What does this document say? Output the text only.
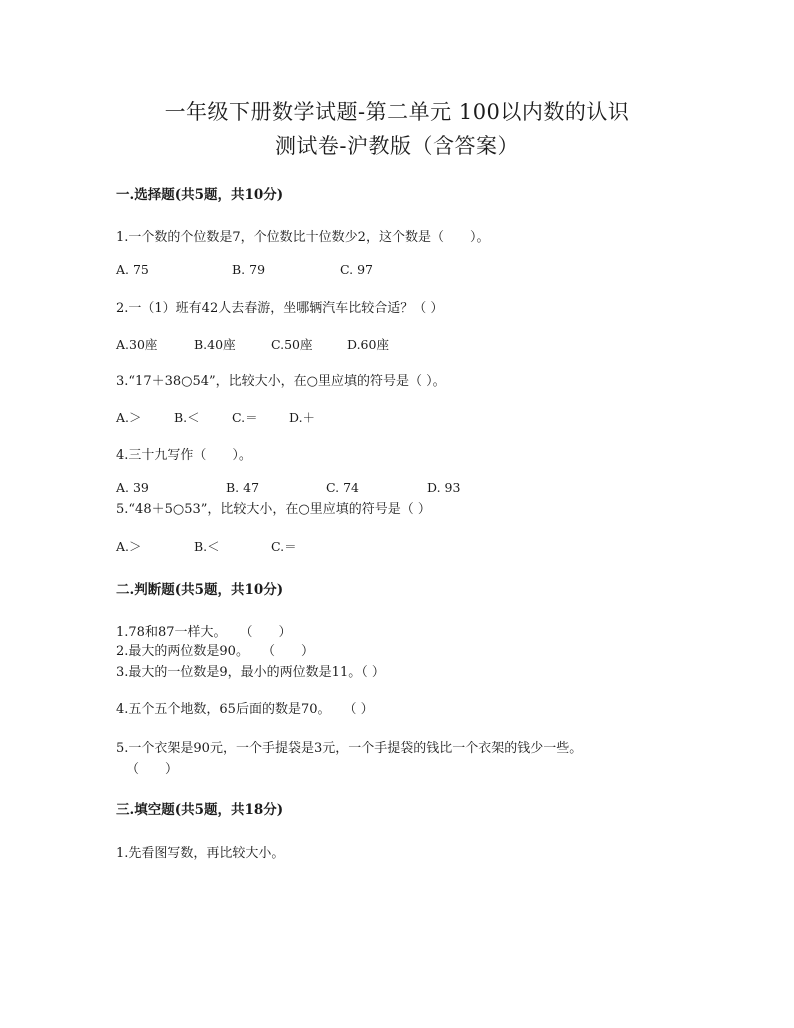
一年级下册数学试题-第二单元 100以内数的认识
测试卷-沪教版（含答案）
一.选择题(共5题，共10分)
1.一个数的个位数是7，个位数比十位数少2，这个数是（　　）。
A. 75	B. 79	C. 97
2.一（1）班有42人去春游，坐哪辆汽车比较合适？（ ）
A.30座	B.40座	C.50座	D.60座
3.“17＋38○54”，比较大小，在○里应填的符号是（ ）。
A.＞	B.＜	C.＝	D.＋
4.三十九写作（　　）。
A. 39	B. 47	C. 74	D. 93
5.“48＋5○53”，比较大小，在○里应填的符号是（ ）
A.＞	B.＜	C.＝
二.判断题(共5题，共10分)
1.78和87一样大。　　（　　）
2.最大的两位数是90。　　（　　）
3.最大的一位数是9，最小的两位数是11。（ ）
4.五个五个地数，65后面的数是70。　　（ ）
5.一个衣架是90元，一个手提袋是3元，一个手提袋的钱比一个衣架的钱少一些。
（　　）
三.填空题(共5题，共18分)
1.先看图写数，再比较大小。
